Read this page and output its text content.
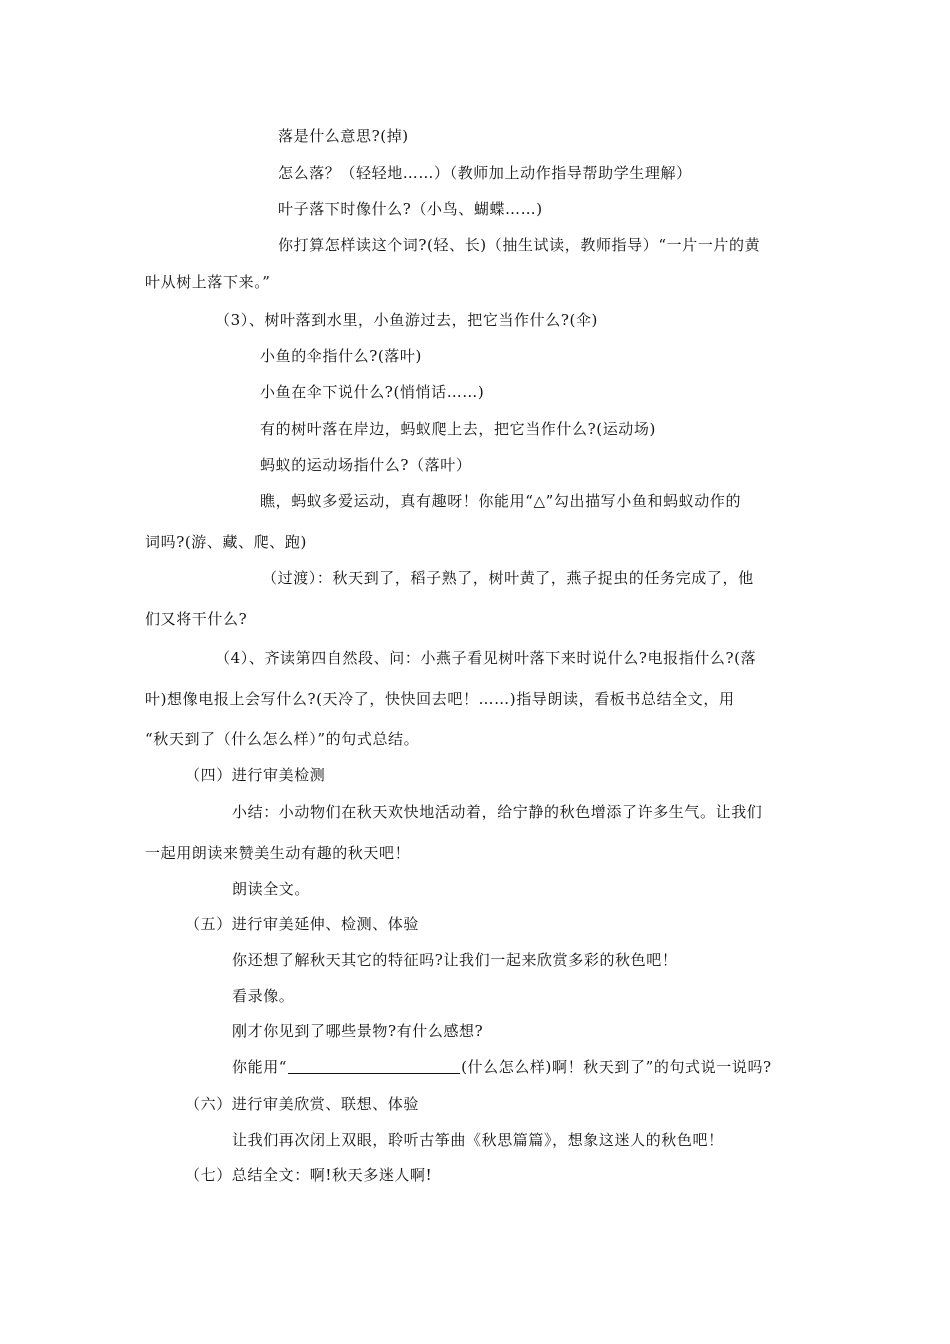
落是什么意思?(掉)
怎么落？（轻轻地……）（教师加上动作指导帮助学生理解）
叶子落下时像什么?（小鸟、蝴蝶……)
你打算怎样读这个词?(轻、长)（抽生试读，教师指导）“一片一片的黄
叶从树上落下来。”
（3）、树叶落到水里，小鱼游过去，把它当作什么?(伞)
小鱼的伞指什么?(落叶)
小鱼在伞下说什么?(悄悄话……)
有的树叶落在岸边，蚂蚁爬上去，把它当作什么?(运动场)
蚂蚁的运动场指什么?（落叶）
瞧，蚂蚁多爱运动，真有趣呀！你能用“△”勾出描写小鱼和蚂蚁动作的
词吗?(游、藏、爬、跑)
（过渡）：秋天到了，稻子熟了，树叶黄了，燕子捉虫的任务完成了，他
们又将干什么?
（4）、齐读第四自然段、问：小燕子看见树叶落下来时说什么?电报指什么?(落
叶)想像电报上会写什么?(天冷了，快快回去吧！……)指导朗读，看板书总结全文，用
“秋天到了（什么怎么样）”的句式总结。
（四）进行审美检测
小结：小动物们在秋天欢快地活动着，给宁静的秋色增添了许多生气。让我们
一起用朗读来赞美生动有趣的秋天吧！
朗读全文。
（五）进行审美延伸、检测、体验
你还想了解秋天其它的特征吗?让我们一起来欣赏多彩的秋色吧！
看录像。
刚才你见到了哪些景物?有什么感想?
你能用“	(什么怎么样)啊！秋天到了”的句式说一说吗?
（六）进行审美欣赏、联想、体验
让我们再次闭上双眼，聆听古筝曲《秋思篇篇》，想象这迷人的秋色吧！
（七）总结全文：啊!秋天多迷人啊!
